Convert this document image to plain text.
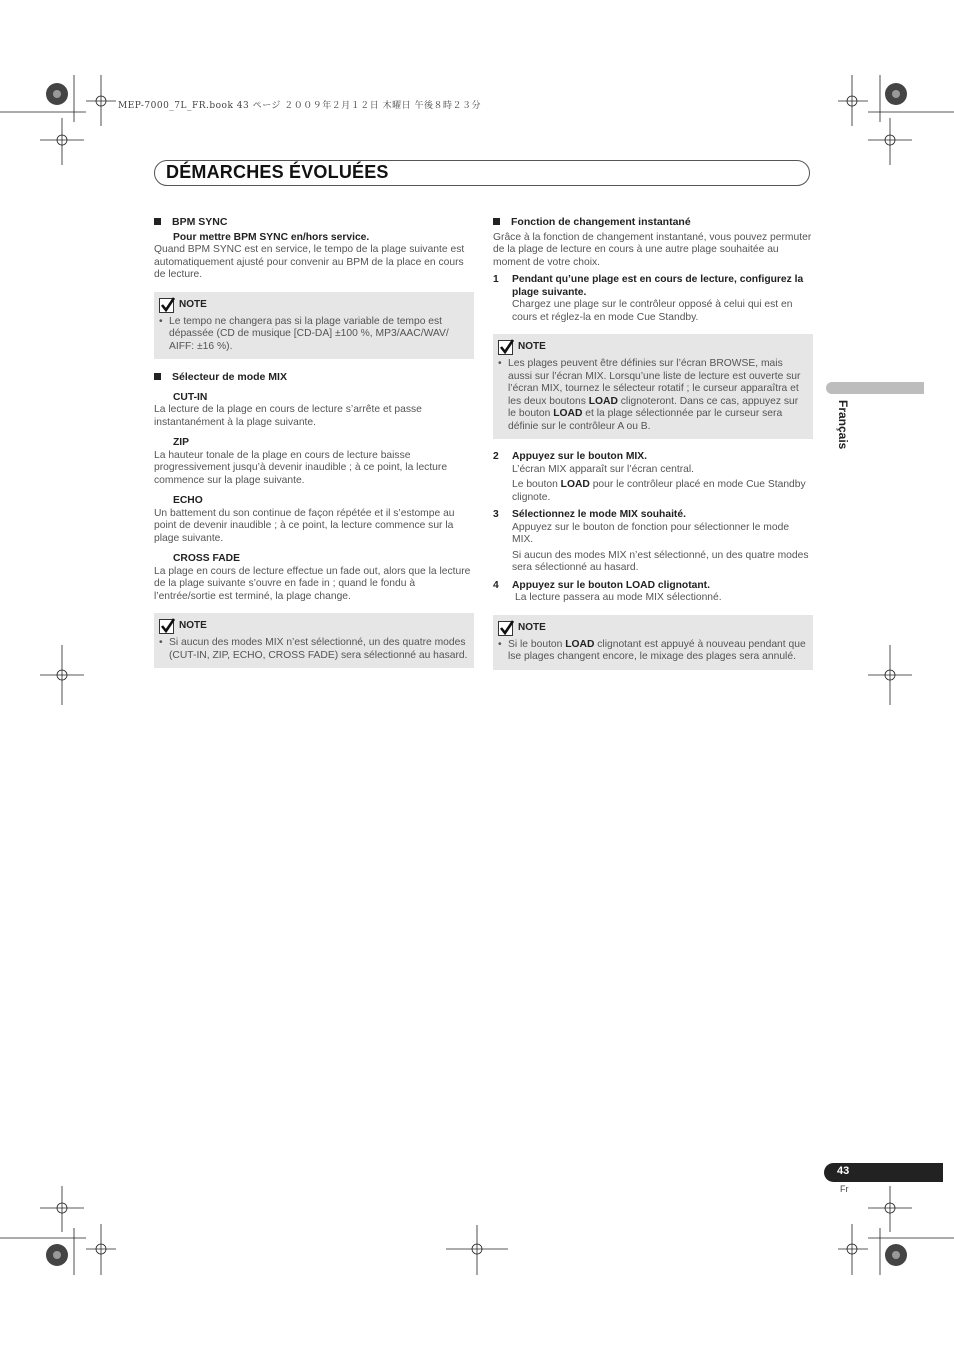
MEP-7000_7L_FR.book 43 ページ ２００９年２月１２日 木曜日 午後８時２３分
DÉMARCHES ÉVOLUÉES
BPM SYNC
Pour mettre BPM SYNC en/hors service.

Quand BPM SYNC est en service, le tempo de la plage suivante est automatiquement ajusté pour convenir au BPM de la place en cours de lecture.

NOTE
• Le tempo ne changera pas si la plage variable de tempo est dépassée (CD de musique [CD-DA] ±100 %, MP3/AAC/WAV/ AIFF: ±16 %).
Sélecteur de mode MIX
CUT-IN

La lecture de la plage en cours de lecture s’arrête et passe instantanément à la plage suivante.

ZIP

La hauteur tonale de la plage en cours de lecture baisse progressivement jusqu’à devenir inaudible ; à ce point, la lecture commence sur la plage suivante.

ECHO

Un battement du son continue de façon répétée et il s’estompe au point de devenir inaudible ; à ce point, la lecture commence sur la plage suivante.

CROSS FADE

La plage en cours de lecture effectue un fade out, alors que la lecture de la plage suivante s’ouvre en fade in ; quand le fondu à l’entrée/sortie est terminé, la plage change.

NOTE
• Si aucun des modes MIX n’est sélectionné, un des quatre modes (CUT-IN, ZIP, ECHO, CROSS FADE) sera sélectionné au hasard.
Fonction de changement instantané

Grâce à la fonction de changement instantané, vous pouvez permuter de la plage de lecture en cours à une autre plage souhaitée au moment de votre choix.

1	Pendant qu’une plage est en cours de lecture, configurez la plage suivante.
Chargez une plage sur le contrôleur opposé à celui qui est en cours et réglez-la en mode Cue Standby.
NOTE
• Les plages peuvent être définies sur l’écran BROWSE, mais aussi sur l’écran MIX. Lorsqu’une liste de lecture est ouverte sur l’écran MIX, tournez le sélecteur rotatif ; le curseur apparaîtra et les deux boutons LOAD clignoteront. Dans ce cas, appuyez sur le bouton LOAD et la plage sélectionnée par le curseur sera définie sur le contrôleur A ou B.
2	Appuyez sur le bouton MIX.
L’écran MIX apparaît sur l’écran central.
Le bouton LOAD pour le contrôleur placé en mode Cue Standby clignote.
3	Sélectionnez le mode MIX souhaité.
Appuyez sur le bouton de fonction pour sélectionner le mode MIX.
Si aucun des modes MIX n’est sélectionné, un des quatre modes sera sélectionné au hasard.
4	Appuyez sur le bouton LOAD clignotant.
La lecture passera au mode MIX sélectionné.
NOTE
• Si le bouton LOAD clignotant est appuyé à nouveau pendant que lse plages changent encore, le mixage des plages sera annulé.
Français
43
Fr
